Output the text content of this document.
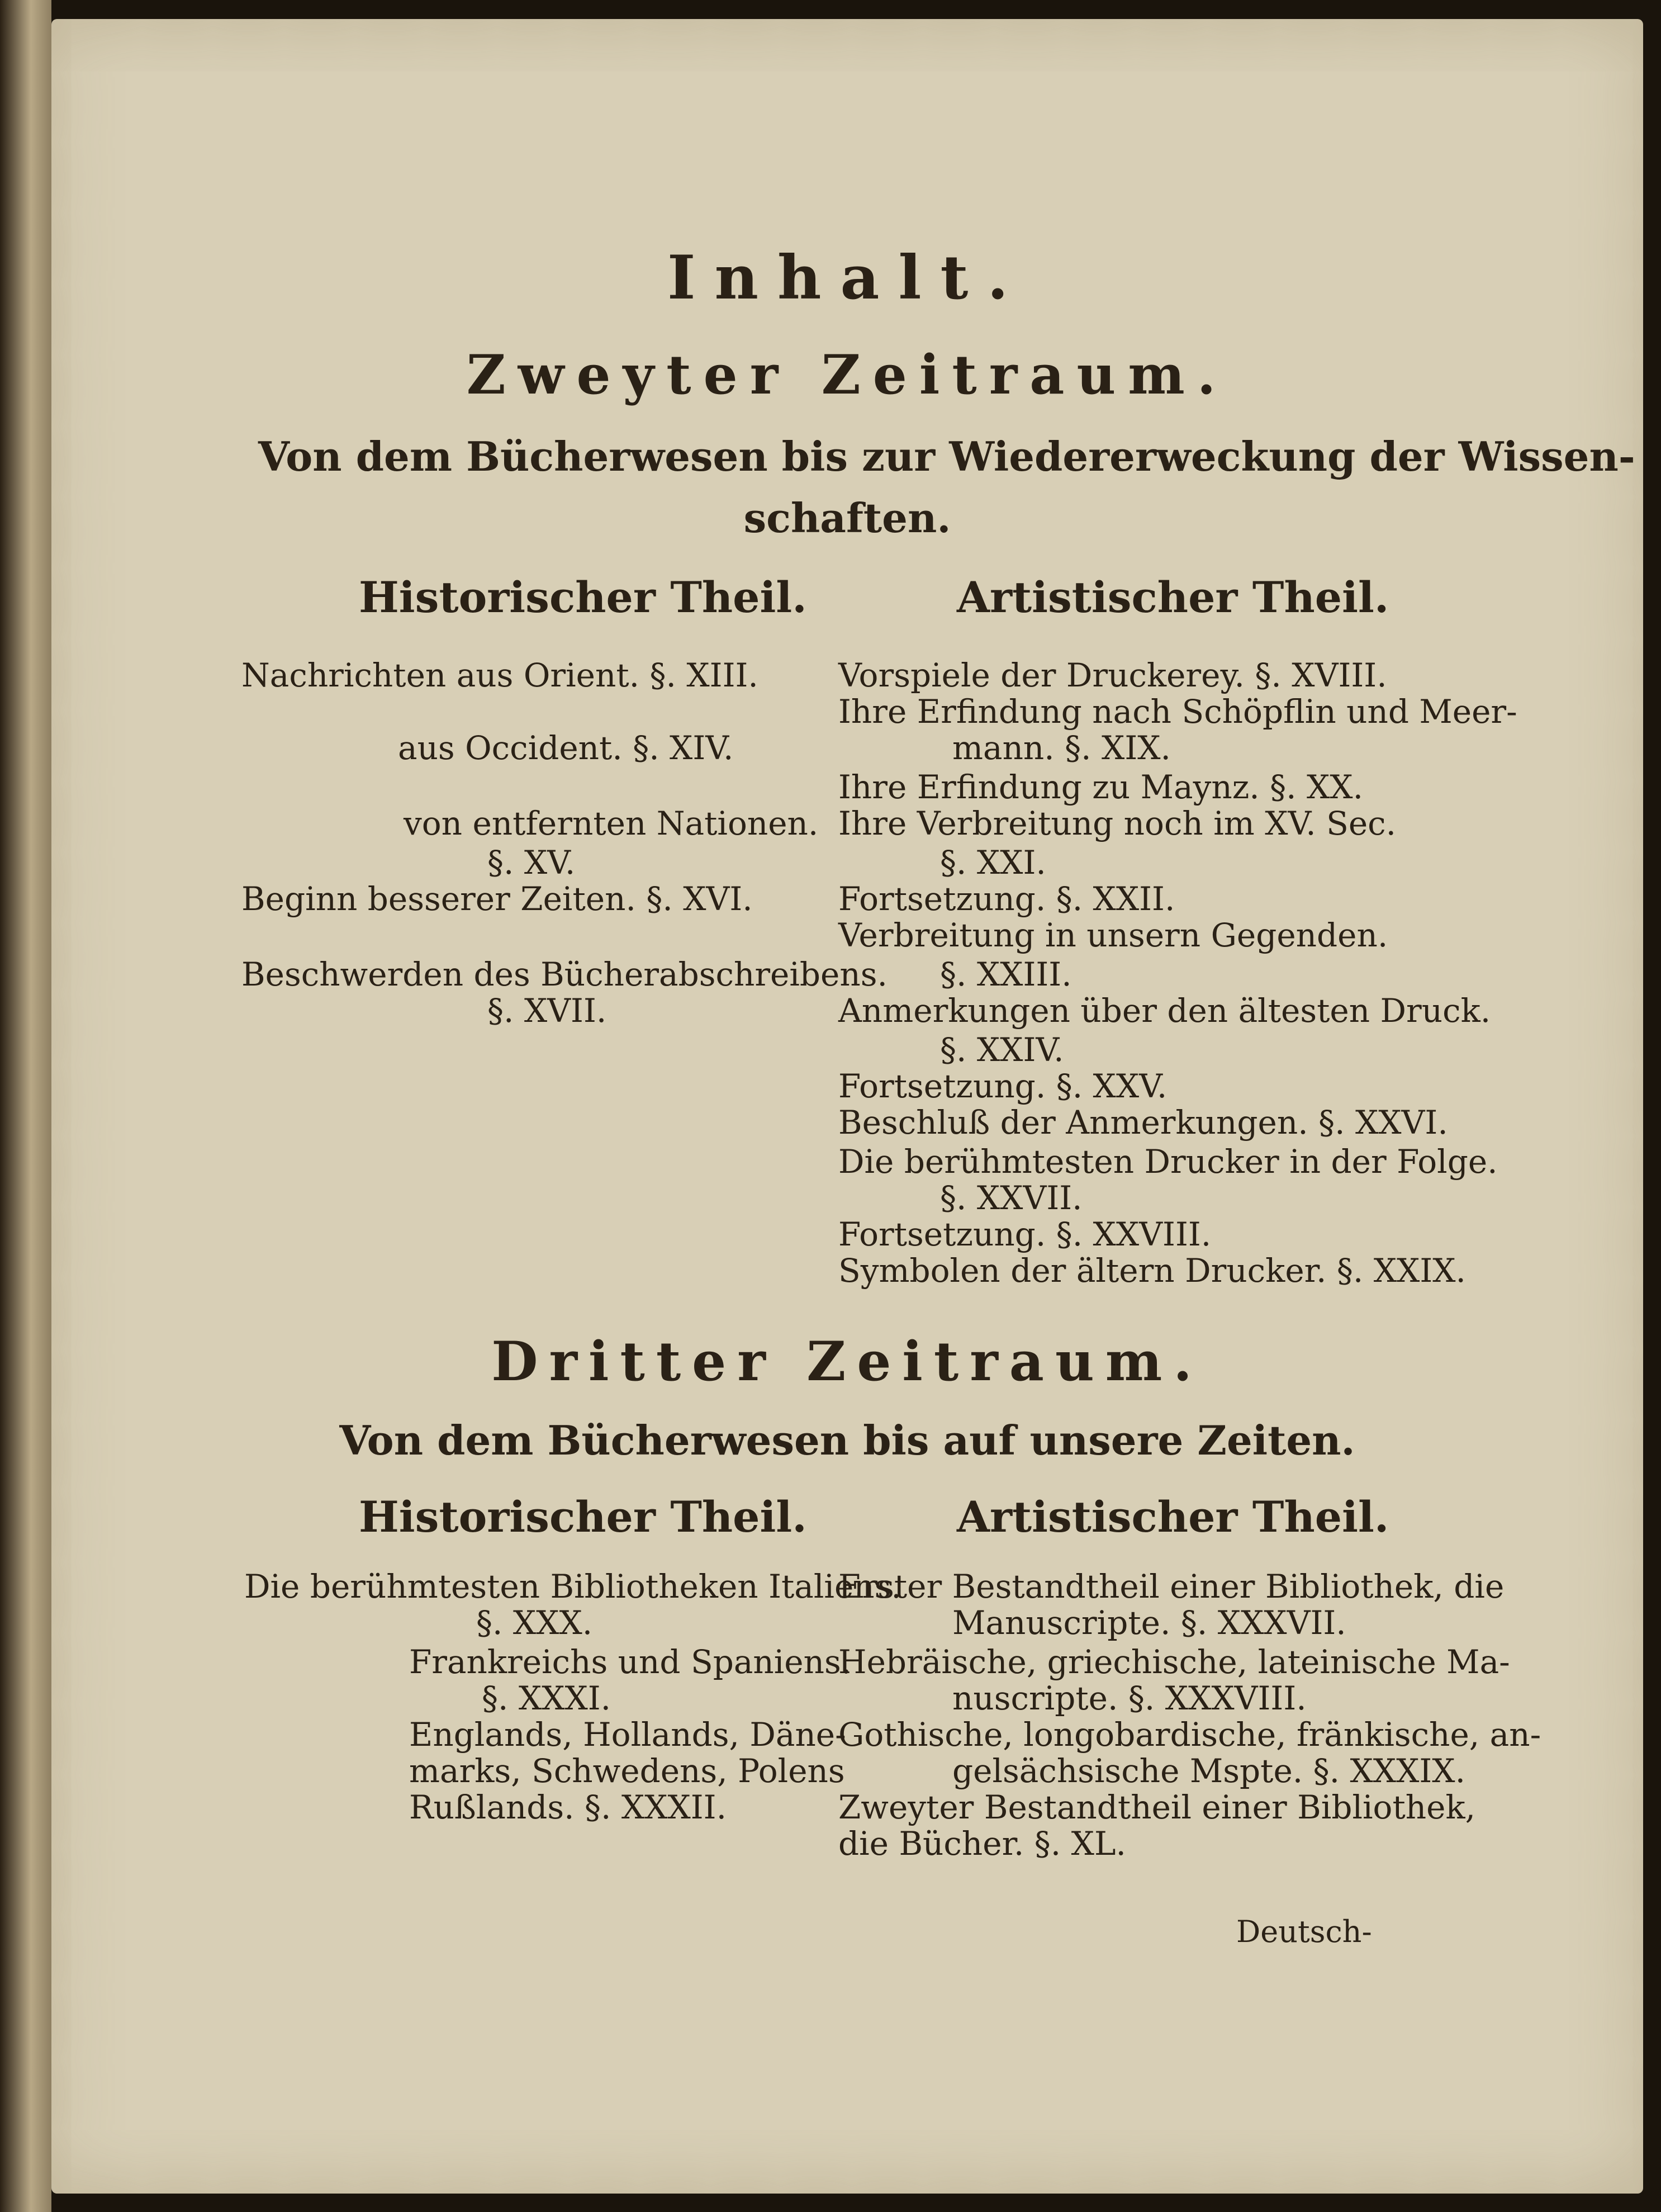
Inhalt.
Zweyter Zeitraum.
Von dem Bücherwesen bis zur Wiedererweckung der Wissen-
schaften.
Historischer Theil.	Artistischer Theil.
Nachrichten aus Orient. §. XIII.
aus Occident. §. XIV.
von entfernten Nationen.
§. XV.
Beginn besserer Zeiten. §. XVI.
Beschwerden des Bücherabschreibens.
§. XVII.
Vorspiele der Druckerey. §. XVIII.
Ihre Erfindung nach Schöpflin und Meer-
mann. §. XIX.
Ihre Erfindung zu Maynz. §. XX.
Ihre Verbreitung noch im XV. Sec.
§. XXI.
Fortsetzung. §. XXII.
Verbreitung in unsern Gegenden.
§. XXIII.
Anmerkungen über den ältesten Druck.
§. XXIV.
Fortsetzung. §. XXV.
Beschluß der Anmerkungen. §. XXVI.
Die berühmtesten Drucker in der Folge.
§. XXVII.
Fortsetzung. §. XXVIII.
Symbolen der ältern Drucker. §. XXIX.
Dritter Zeitraum.
Von dem Bücherwesen bis auf unsere Zeiten.
Historischer Theil.	Artistischer Theil.
Die berühmtesten Bibliotheken Italiens.
§. XXX.
Frankreichs und Spaniens.
§. XXXI.
Englands, Hollands, Däne-
marks, Schwedens, Polens
Rußlands. §. XXXII.
Erster Bestandtheil einer Bibliothek, die
Manuscripte. §. XXXVII.
Hebräische, griechische, lateinische Ma-
nuscripte. §. XXXVIII.
Gothische, longobardische, fränkische, an-
gelsächsische Mspte. §. XXXIX.
Zweyter Bestandtheil einer Bibliothek,
die Bücher. §. XL.
Deutsch-
